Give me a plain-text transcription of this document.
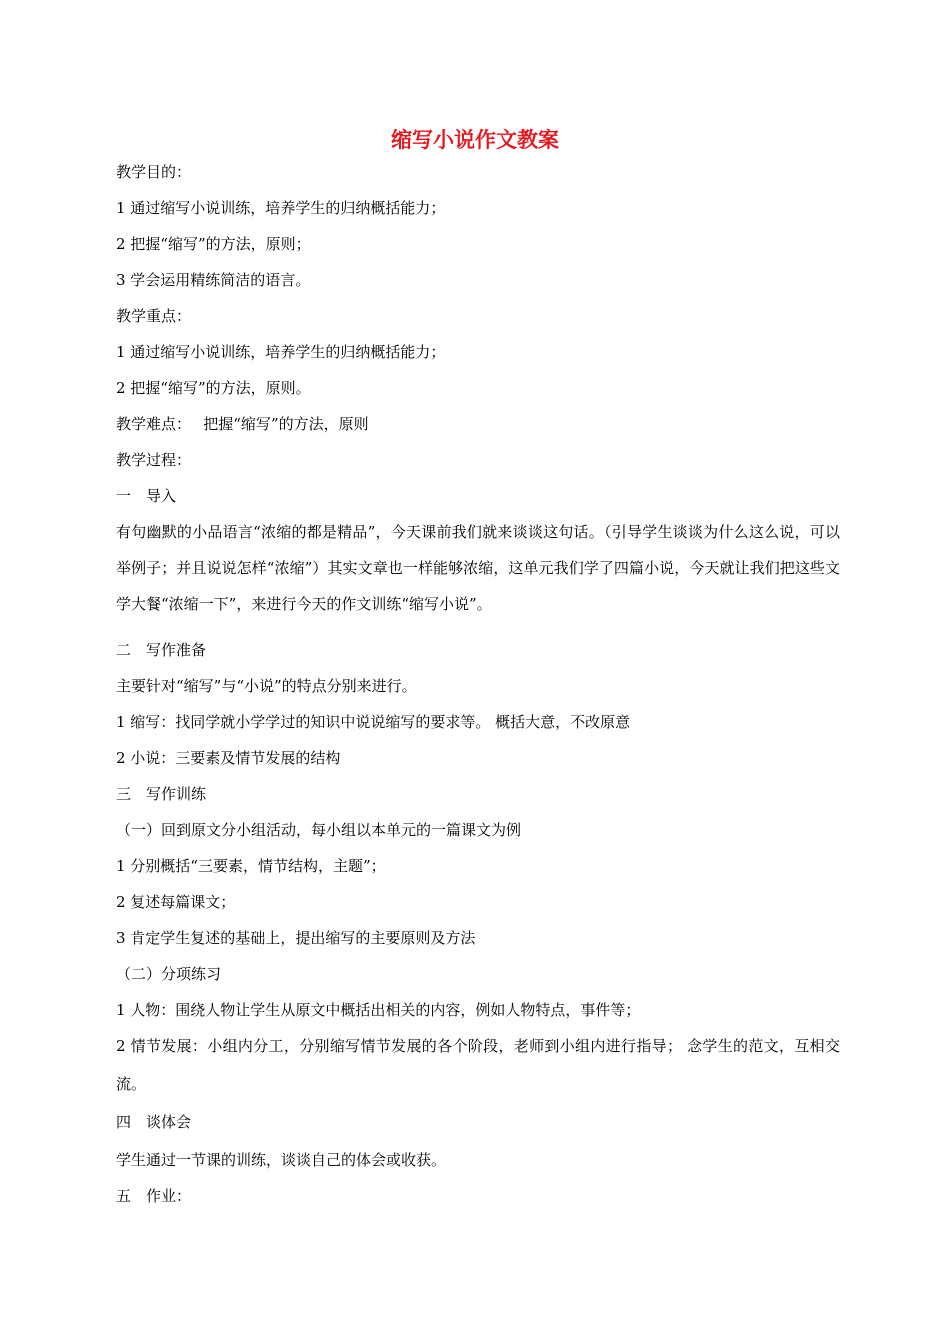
缩写小说作文教案
教学目的：
1 通过缩写小说训练，培养学生的归纳概括能力；
2 把握“缩写”的方法，原则；
3 学会运用精练简洁的语言。
教学重点：
1 通过缩写小说训练，培养学生的归纳概括能力；
2 把握“缩写”的方法，原则。
教学难点：　 把握“缩写”的方法，原则
教学过程：
一　导入
有句幽默的小品语言“浓缩的都是精品”，今天课前我们就来谈谈这句话。（引导学生谈谈为什么这么说，可以举例子；并且说说怎样“浓缩”）其实文章也一样能够浓缩，这单元我们学了四篇小说，今天就让我们把这些文学大餐“浓缩一下”，来进行今天的作文训练“缩写小说”。
二　写作准备
主要针对“缩写”与“小说”的特点分别来进行。
1 缩写：找同学就小学学过的知识中说说缩写的要求等。 概括大意，不改原意
2 小说：三要素及情节发展的结构
三　写作训练
（一）回到原文分小组活动，每小组以本单元的一篇课文为例
1 分别概括“三要素，情节结构，主题”；
2 复述每篇课文；
3 肯定学生复述的基础上，提出缩写的主要原则及方法
（二）分项练习
1 人物：围绕人物让学生从原文中概括出相关的内容，例如人物特点，事件等；
2 情节发展：小组内分工，分别缩写情节发展的各个阶段，老师到小组内进行指导； 念学生的范文，互相交流。
四　谈体会
学生通过一节课的训练，谈谈自己的体会或收获。
五　作业：
